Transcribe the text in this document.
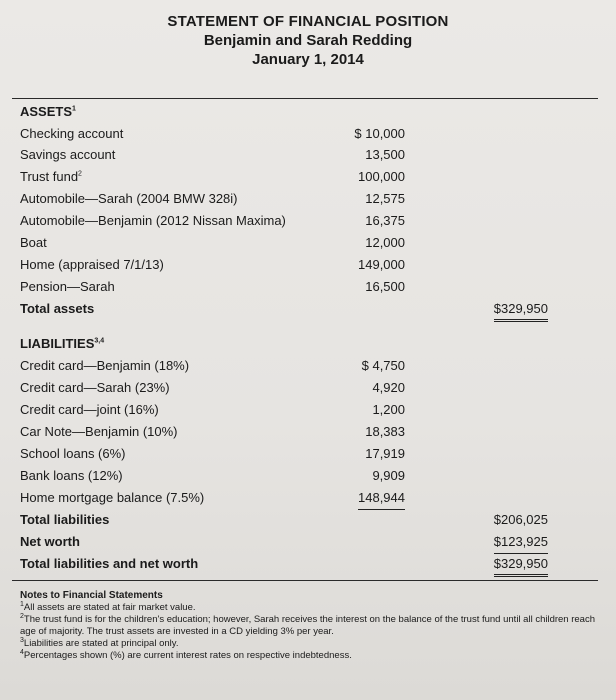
STATEMENT OF FINANCIAL POSITION
Benjamin and Sarah Redding
January 1, 2014
ASSETS$^1$
Checking account	$ 10,000
Savings account	13,500
Trust fund$^2$	100,000
Automobile—Sarah (2004 BMW 328i)	12,575
Automobile—Benjamin (2012 Nissan Maxima)	16,375
Boat	12,000
Home (appraised 7/1/13)	149,000
Pension—Sarah	16,500
Total assets	$329,950
LIABILITIES$^{3,4}$
Credit card—Benjamin (18%)	$ 4,750
Credit card—Sarah (23%)	4,920
Credit card—joint (16%)	1,200
Car Note—Benjamin (10%)	18,383
School loans (6%)	17,919
Bank loans (12%)	9,909
Home mortgage balance (7.5%)	148,944
Total liabilities	$206,025
Net worth	$123,925
Total liabilities and net worth	$329,950
Notes to Financial Statements
$^1$All assets are stated at fair market value.
$^2$The trust fund is for the children's education; however, Sarah receives the interest on the balance of the trust fund until all children reach age of majority. The trust assets are invested in a CD yielding 3% per year.
$^3$Liabilities are stated at principal only.
$^4$Percentages shown (%) are current interest rates on respective indebtedness.
